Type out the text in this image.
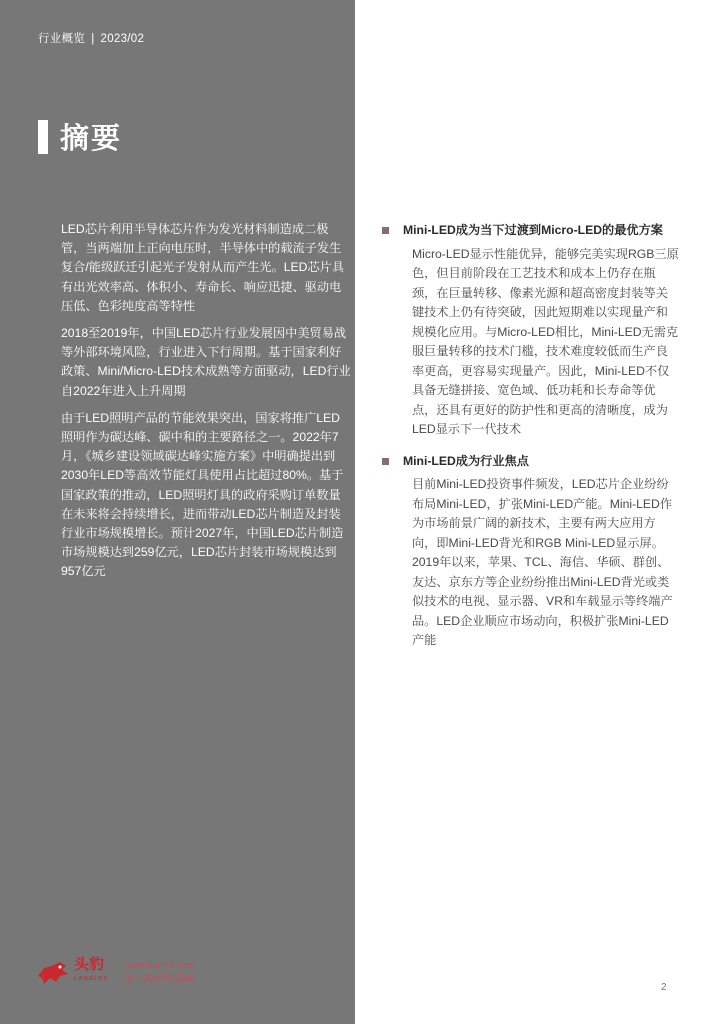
行业概览 | 2023/02
摘要

LED芯片利用半导体芯片作为发光材料制造成二极管，当两端加上正向电压时，半导体中的载流子发生复合/能级跃迁引起光子发射从而产生光。LED芯片具有出光效率高、体积小、寿命长、响应迅捷、驱动电压低、色彩纯度高等特性

2018至2019年，中国LED芯片行业发展因中美贸易战等外部环境风险，行业进入下行周期。基于国家利好政策、Mini/Micro-LED技术成熟等方面驱动，LED行业自2022年进入上升周期

由于LED照明产品的节能效果突出，国家将推广LED照明作为碳达峰、碳中和的主要路径之一。2022年7月，《城乡建设领域碳达峰实施方案》中明确提出到2030年LED等高效节能灯具使用占比超过80%。基于国家政策的推动，LED照明灯具的政府采购订单数量在未来将会持续增长，进而带动LED芯片制造及封装行业市场规模增长。预计2027年，中国LED芯片制造市场规模达到259亿元，LED芯片封装市场规模达到957亿元

Mini-LED成为当下过渡到Micro-LED的最优方案
Micro-LED显示性能优异，能够完美实现RGB三原色，但目前阶段在工艺技术和成本上仍存在瓶颈，在巨量转移、像素光源和超高密度封装等关键技术上仍有待突破，因此短期难以实现量产和规模化应用。与Micro-LED相比，Mini-LED无需克服巨量转移的技术门槛，技术难度较低而生产良率更高，更容易实现量产。因此，Mini-LED不仅具备无缝拼接、宽色域、低功耗和长寿命等优点，还具有更好的防护性和更高的清晰度，成为LED显示下一代技术
Mini-LED成为行业焦点
目前Mini-LED投资事件频发，LED芯片企业纷纷布局Mini-LED，扩张Mini-LED产能。Mini-LED作为市场前景广阔的新技术，主要有两大应用方向，即Mini-LED背光和RGB Mini-LED显示屏。2019年以来，苹果、TCL、海信、华硕、群创、友达、京东方等企业纷纷推出Mini-LED背光或类似技术的电视、显示器、VR和车载显示等终端产品。LED企业顺应市场动向，积极扩张Mini-LED产能
头豹
LeadLeo
www.leadleo.com
☏ 400-072-5588
2
